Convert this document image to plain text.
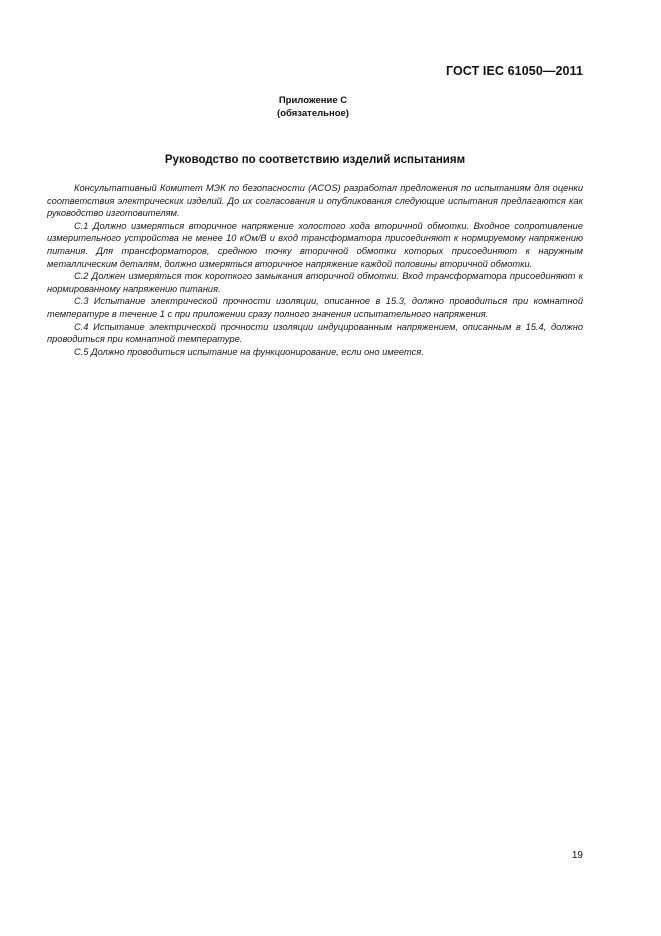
ГОСТ IEC 61050—2011
Приложение С
(обязательное)
Руководство по соответствию изделий испытаниям

Консультативный Комитет МЭК по безопасности (ACOS) разработал предложения по испытаниям для оценки соответствия электрических изделий. До их согласования и опубликования следующие испытания предлагаются как руководство изготовителям.

С.1 Должно измеряться вторичное напряжение холостого хода вторичной обмотки. Входное сопротивление измерительного устройства не менее 10 кОм/В и вход трансформатора присоединяют к нормируемому напряжению питания. Для трансформаторов, среднюю точку вторичной обмотки которых присоединяют к наружным металлическим деталям, должно измеряться вторичное напряжение каждой половины вторичной обмотки.

С.2 Должен измеряться ток короткого замыкания вторичной обмотки. Вход трансформатора присоединяют к нормированному напряжению питания.

С.3 Испытание электрической прочности изоляции, описанное в 15.3, должно проводиться при комнатной температуре в течение 1 с при приложении сразу полного значения испытательного напряжения.

С.4 Испытание электрической прочности изоляции индуцированным напряжением, описанным в 15.4, должно проводиться при комнатной температуре.

С.5 Должно проводиться испытание на функционирование, если оно имеется.

19
